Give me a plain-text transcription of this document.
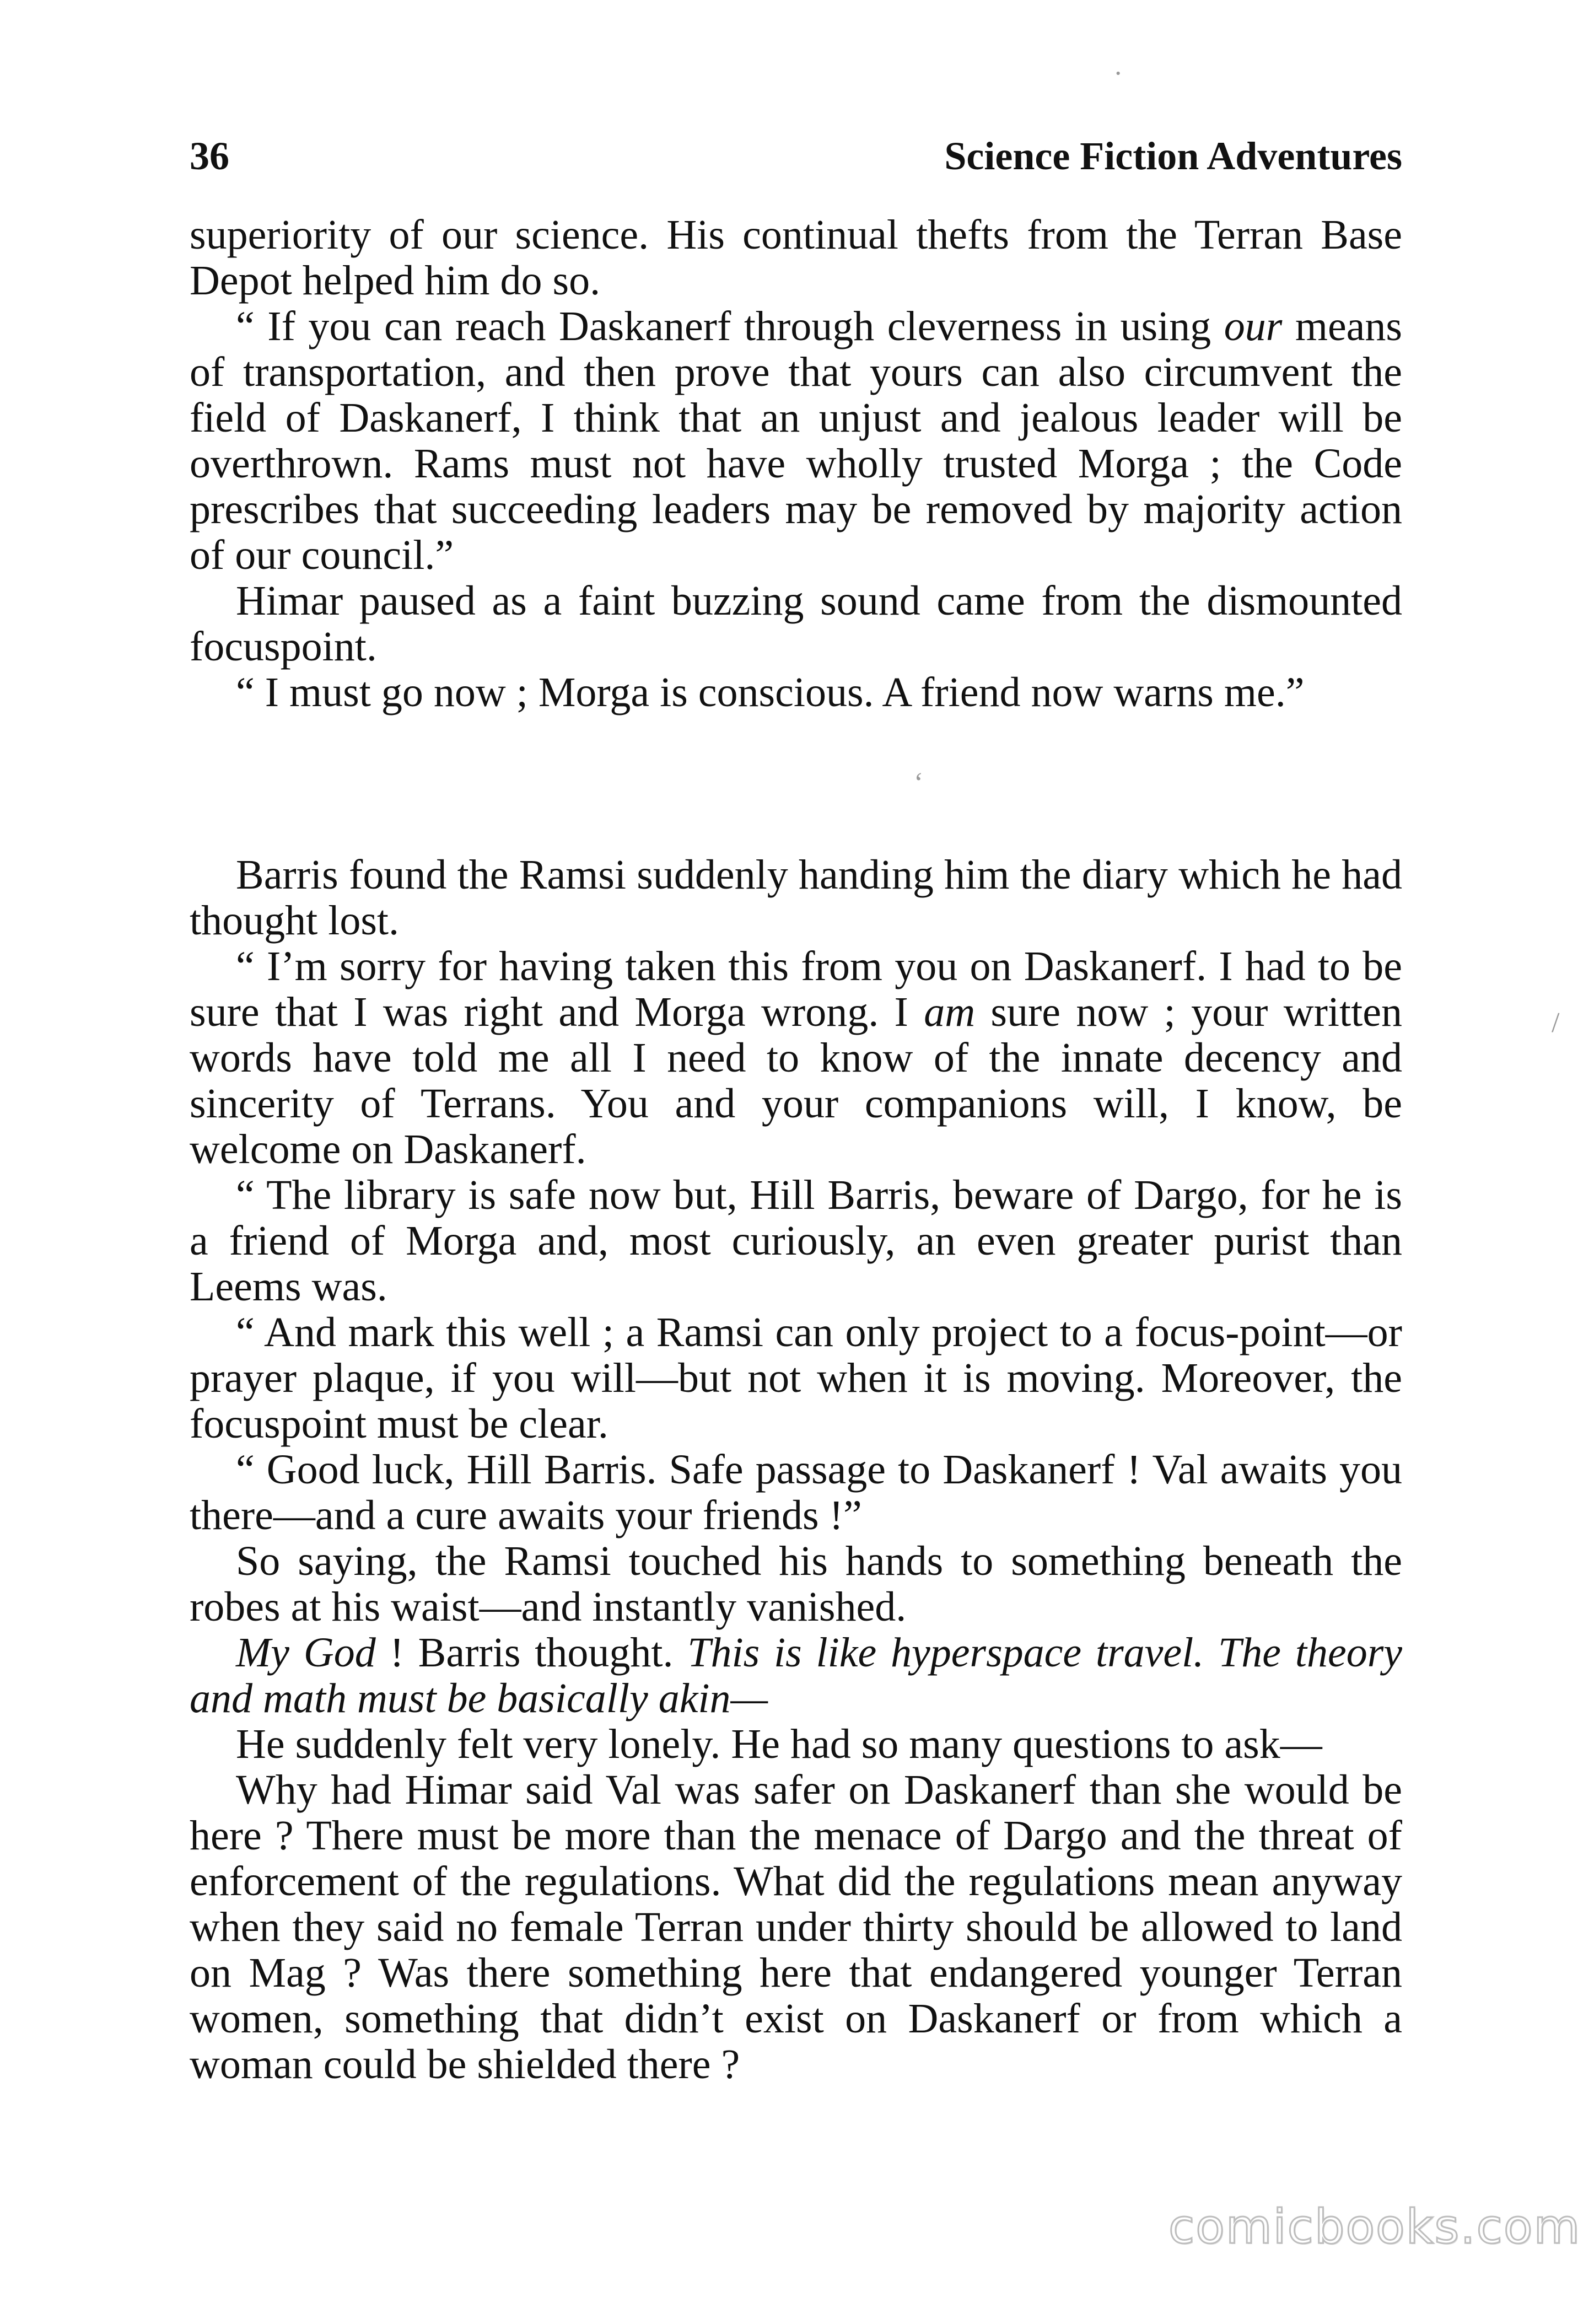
36	Science Fiction Adventures

superiority of our science. His continual thefts from the Terran Base Depot helped him do so.

“ If you can reach Daskanerf through cleverness in using our means of transportation, and then prove that yours can also circumvent the field of Daskanerf, I think that an unjust and jealous leader will be overthrown. Rams must not have wholly trusted Morga ; the Code prescribes that succeeding leaders may be removed by majority action of our council.”

Himar paused as a faint buzzing sound came from the dismounted focuspoint.

“ I must go now ; Morga is conscious. A friend now warns me.”

Barris found the Ramsi suddenly handing him the diary which he had thought lost.

“ I’m sorry for having taken this from you on Daskanerf. I had to be sure that I was right and Morga wrong. I am sure now ; your written words have told me all I need to know of the innate decency and sincerity of Terrans. You and your companions will, I know, be welcome on Daskanerf.

“ The library is safe now but, Hill Barris, beware of Dargo, for he is a friend of Morga and, most curiously, an even greater purist than Leems was.

“ And mark this well ; a Ramsi can only project to a focus-point—or prayer plaque, if you will—but not when it is moving. Moreover, the focuspoint must be clear.

“ Good luck, Hill Barris. Safe passage to Daskanerf ! Val awaits you there—and a cure awaits your friends !”

So saying, the Ramsi touched his hands to something beneath the robes at his waist—and instantly vanished.

My God ! Barris thought. This is like hyperspace travel. The theory and math must be basically akin—

He suddenly felt very lonely. He had so many questions to ask—

Why had Himar said Val was safer on Daskanerf than she would be here ? There must be more than the menace of Dargo and the threat of enforcement of the regulations. What did the regulations mean anyway when they said no female Terran under thirty should be allowed to land on Mag ? Was there something here that endangered younger Terran women, something that didn’t exist on Daskanerf or from which a woman could be shielded there ?

·
‘
/
comicbooks.com
